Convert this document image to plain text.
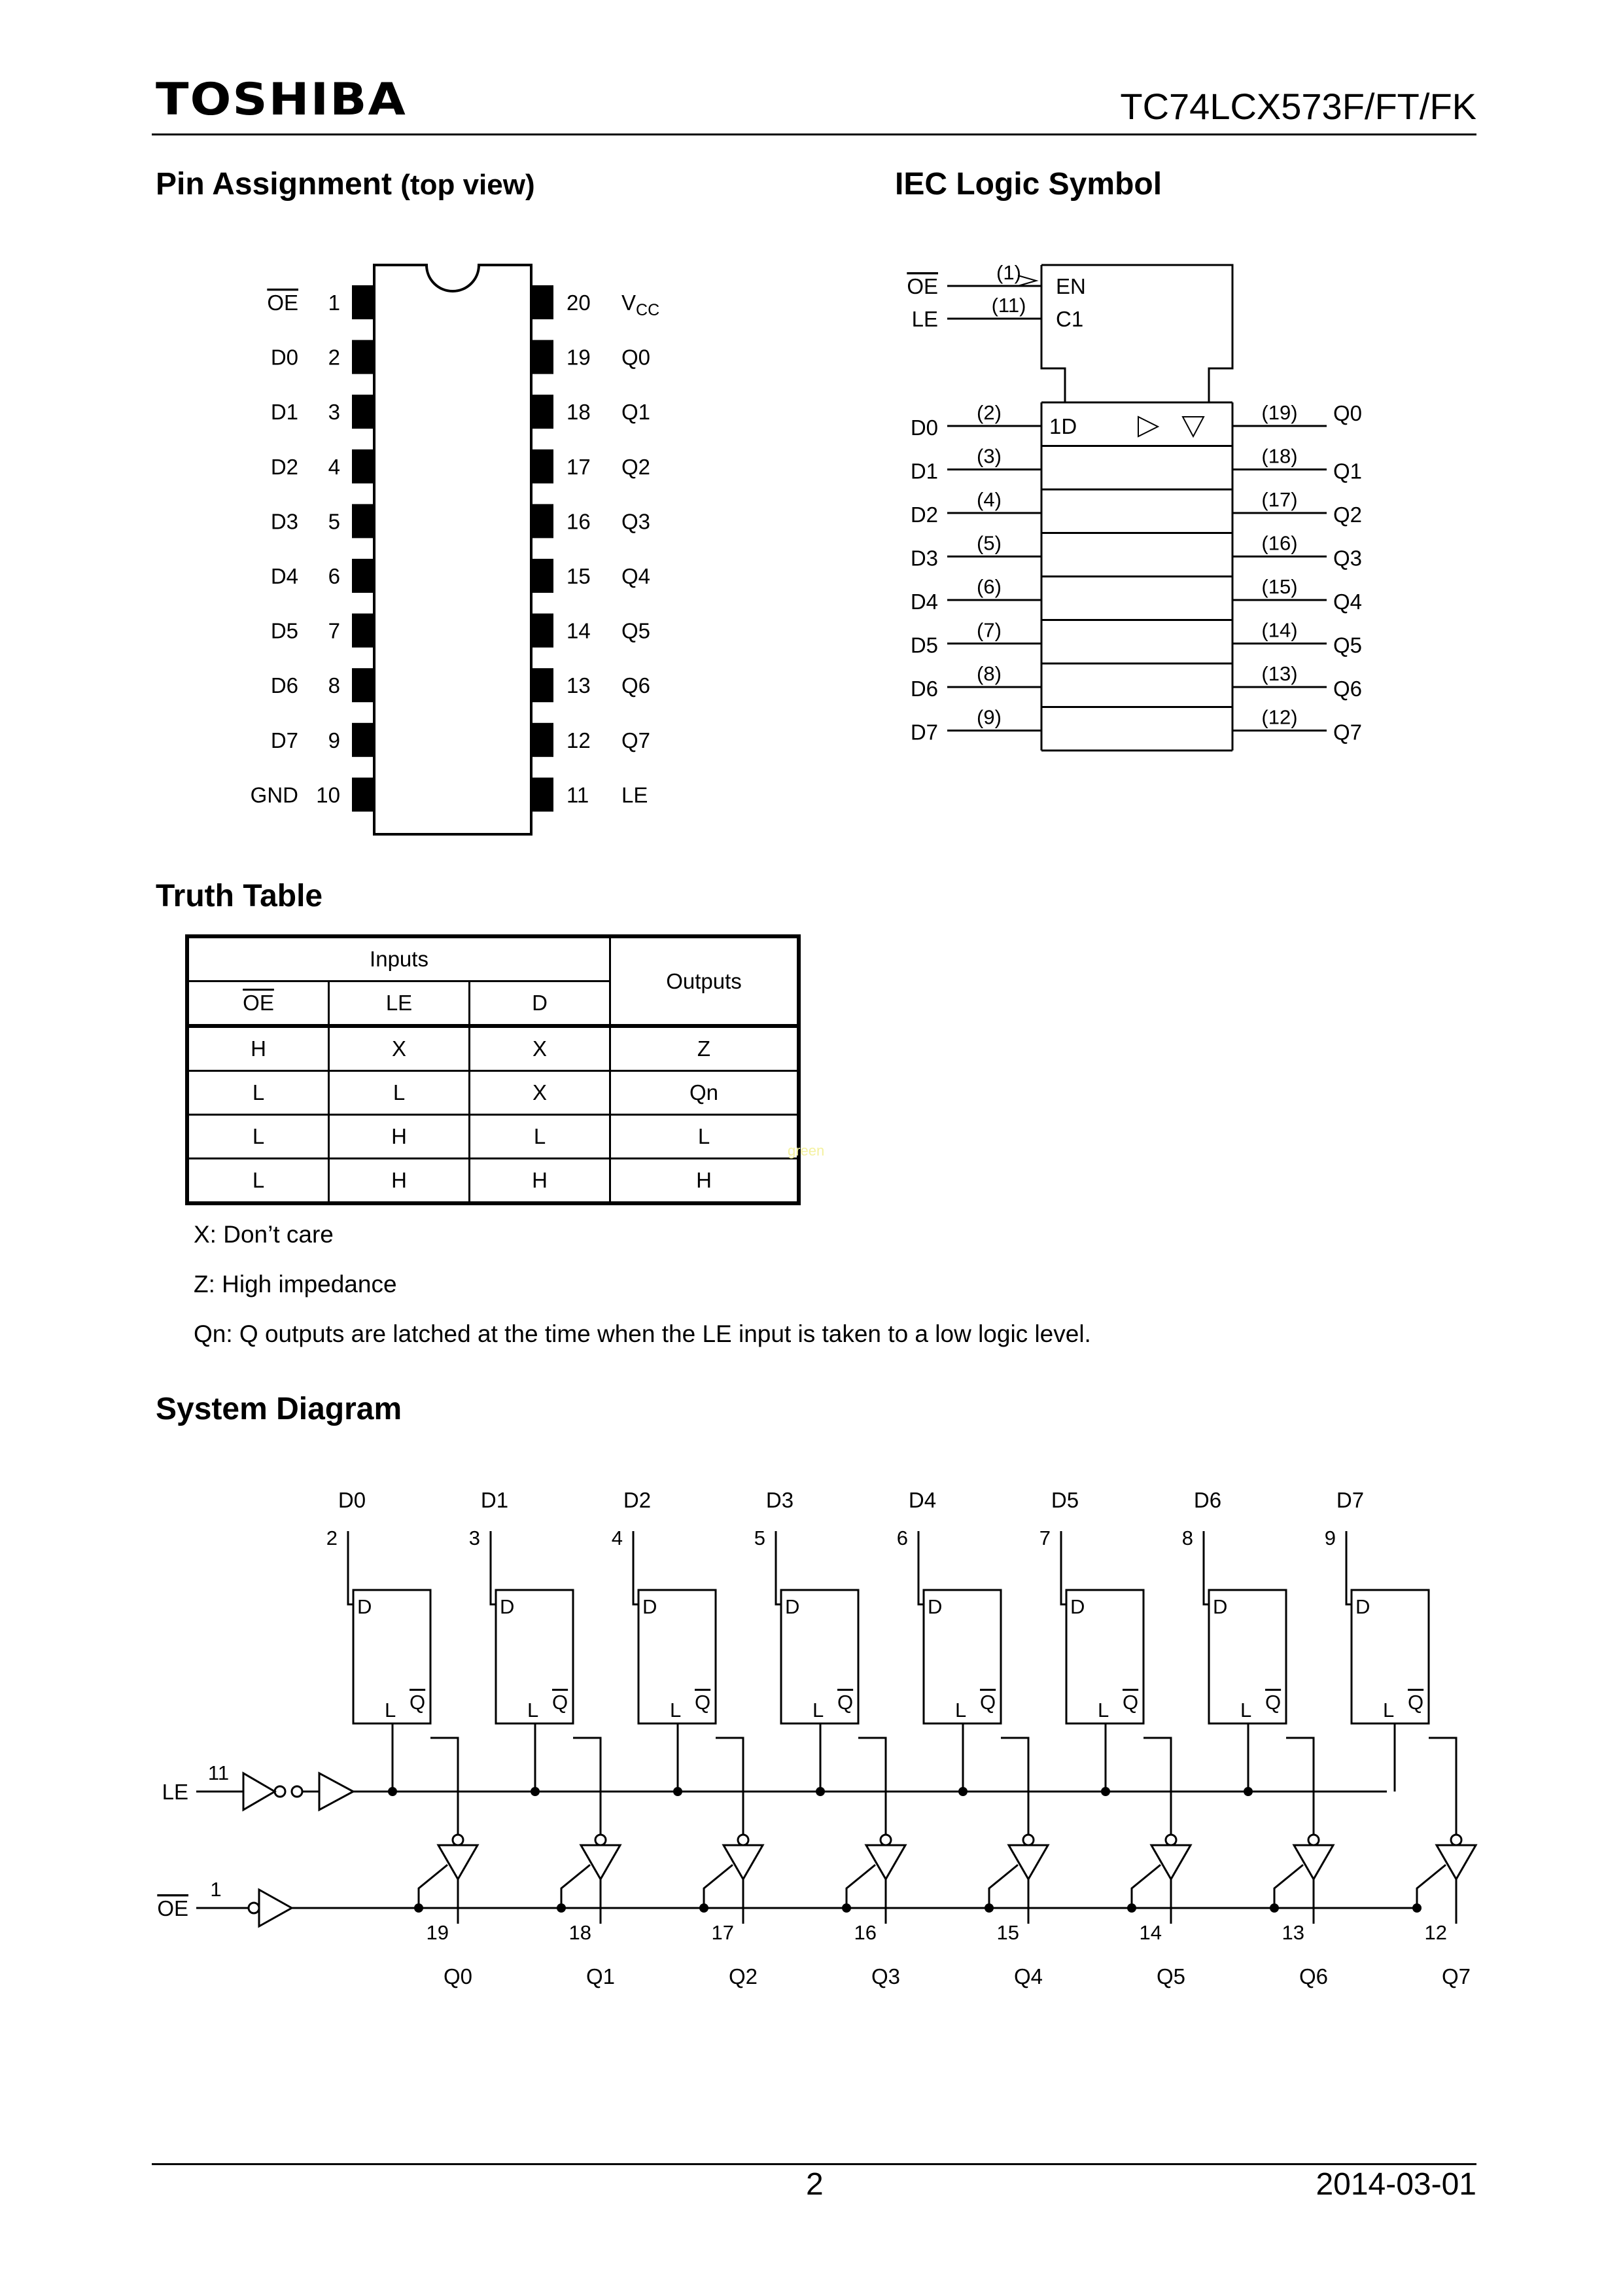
TOSHIBA	TC74LCX573F/FT/FK
Pin Assignment (top view)	IEC Logic Symbol
Truth Table
System Diagram
OE 1	20 $V_{CC}$
D0 2	19 Q0
D1 3	18 Q1
D2 4	17 Q2
D3 5	16 Q3
D4 6	15 Q4
D5 7	14 Q5
D6 8	13 Q6
D7 9	12 Q7
GND 10	11 LE
OE
(1)
EN
LE
(11)
C1
D0
(2)	(19) Q0
D1
(3)	(18)
Q1
D2
(4)	(17)
Q2
D3
(5)	(16)
Q3
D4
(6)	(15)
Q4
D5
(7)	(14)
Q5
D6
(8)	(13)
Q6
D7
(9)	(12)
Q7
1D
Inputs			Outputs
$\overline{OE}$	LE	D	
H	X	X	Z
L	L	X	Qn
L	H	L	L
L	H	H	H
green
X: Don’t care
Z: High impedance
Qn: Q outputs are latched at the time when the LE input is taken to a low logic level.
LE
11
OE
1
D0
2
D
L Q
19
Q0
D1
3
D
L Q
18
Q1
D2
4
D
L Q
17
Q2
D3
5
D
L Q
16
Q3
D4
6
D
L Q
15
Q4
D5
7
D
L Q
14
Q5
D6
8
D
L Q
13
Q6
D7
9
D
L Q
12
Q7
2	2014-03-01
